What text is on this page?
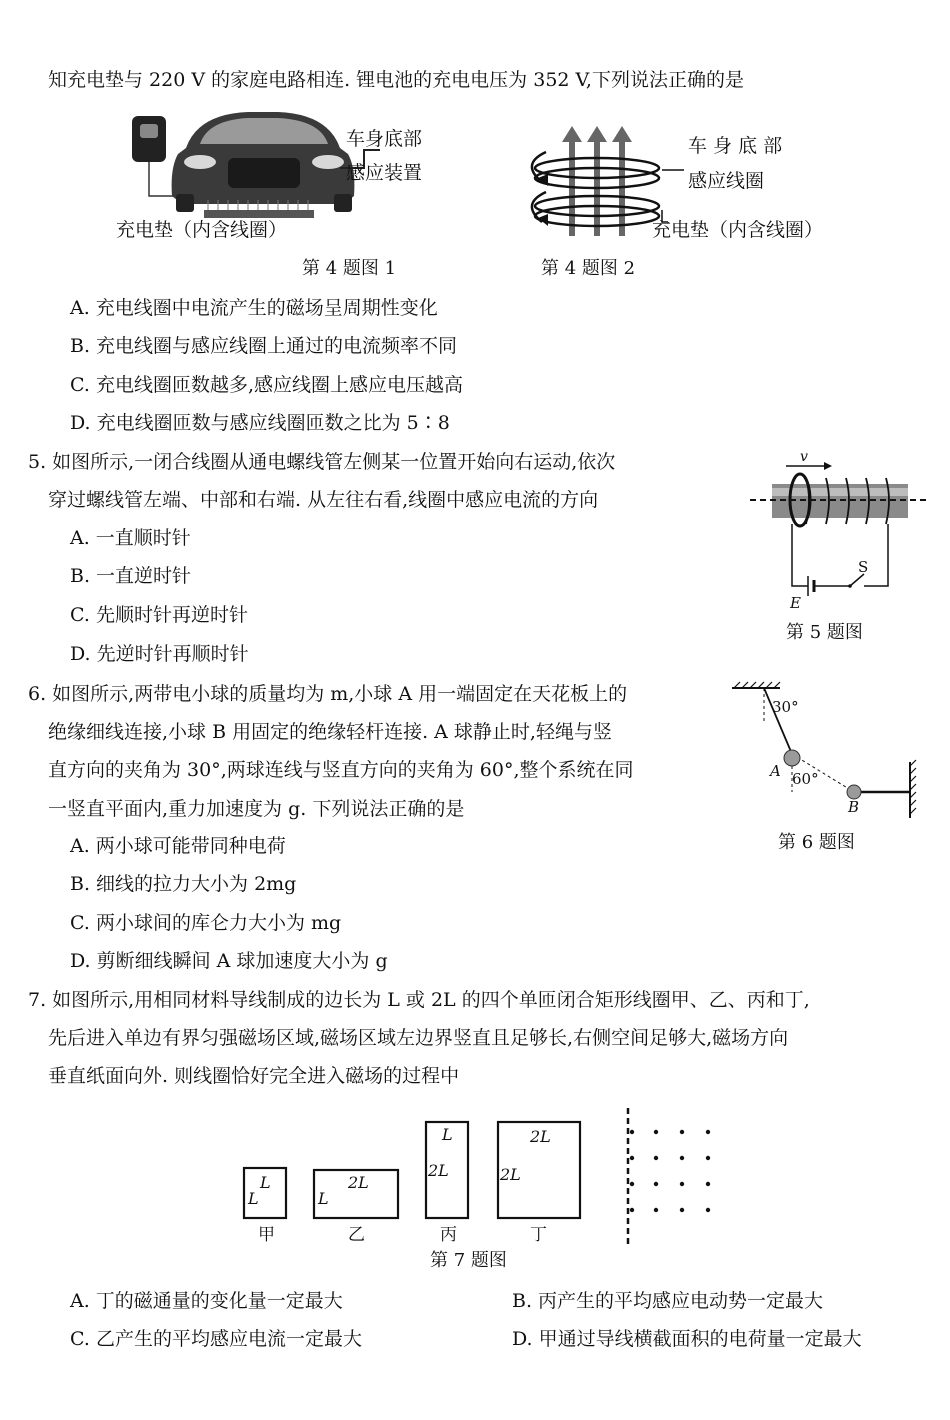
知充电垫与 220 V 的家庭电路相连. 锂电池的充电电压为 352 V,下列说法正确的是
车身底部
感应装置
充电垫（内含线圈）
第 4 题图 1
车 身 底 部
感应线圈
充电垫（内含线圈）
第 4 题图 2
A. 充电线圈中电流产生的磁场呈周期性变化
B. 充电线圈与感应线圈上通过的电流频率不同
C. 充电线圈匝数越多,感应线圈上感应电压越高
D. 充电线圈匝数与感应线圈匝数之比为 5∶8
5. 如图所示,一闭合线圈从通电螺线管左侧某一位置开始向右运动,依次
穿过螺线管左端、中部和右端. 从左往右看,线圈中感应电流的方向
A. 一直顺时针
B. 一直逆时针
C. 先顺时针再逆时针
D. 先逆时针再顺时针
v
S
E
第 5 题图
6. 如图所示,两带电小球的质量均为 m,小球 A 用一端固定在天花板上的
绝缘细线连接,小球 B 用固定的绝缘轻杆连接. A 球静止时,轻绳与竖
直方向的夹角为 30°,两球连线与竖直方向的夹角为 60°,整个系统在同
一竖直平面内,重力加速度为 g. 下列说法正确的是
A. 两小球可能带同种电荷
B. 细线的拉力大小为 2mg
C. 两小球间的库仑力大小为 mg
D. 剪断细线瞬间 A 球加速度大小为 g
30°
60°
A
B
第 6 题图
7. 如图所示,用相同材料导线制成的边长为 L 或 2L 的四个单匝闭合矩形线圈甲、乙、丙和丁,
先后进入单边有界匀强磁场区域,磁场区域左边界竖直且足够长,右侧空间足够大,磁场方向
垂直纸面向外. 则线圈恰好完全进入磁场的过程中
L
L
甲
2L
L
乙
L
2L
丙
2L
2L
丁
第 7 题图
A. 丁的磁通量的变化量一定最大	B. 丙产生的平均感应电动势一定最大
C. 乙产生的平均感应电流一定最大	D. 甲通过导线横截面积的电荷量一定最大
